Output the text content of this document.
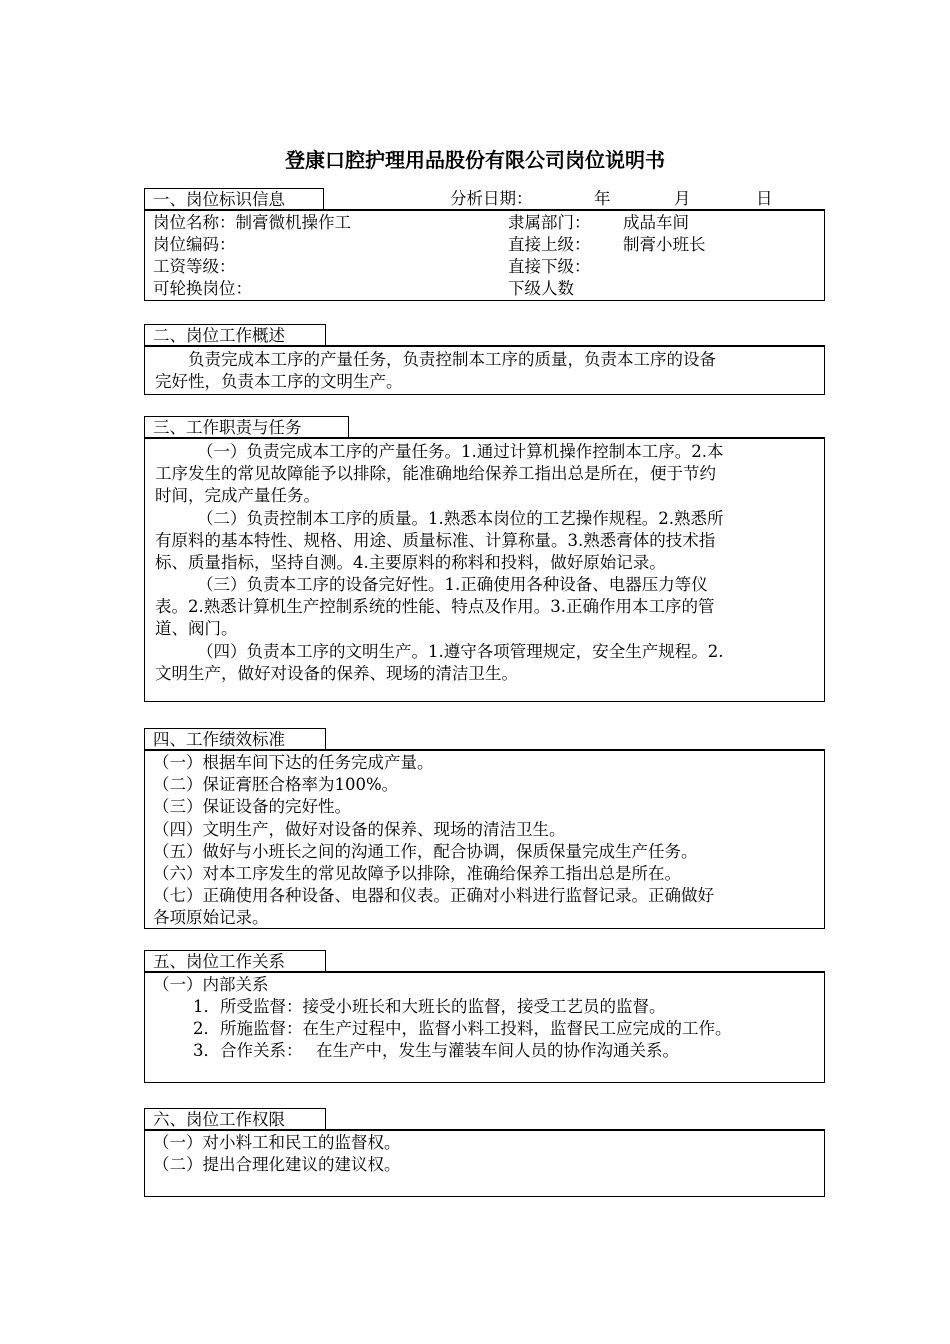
登康口腔护理用品股份有限公司岗位说明书
一、岗位标识信息	分析日期：	年	月	日
岗位名称：制膏微机操作工	隶属部门： 成品车间
岗位编码：	直接上级： 制膏小班长
工资等级：	直接下级：
可轮换岗位：	下级人数
二、岗位工作概述
负责完成本工序的产量任务，负责控制本工序的质量，负责本工序的设备
完好性，负责本工序的文明生产。
三、工作职责与任务
（一）负责完成本工序的产量任务。1.通过计算机操作控制本工序。2.本
工序发生的常见故障能予以排除，能准确地给保养工指出总是所在，便于节约
时间，完成产量任务。
（二）负责控制本工序的质量。1.熟悉本岗位的工艺操作规程。2.熟悉所
有原料的基本特性、规格、用途、质量标准、计算称量。3.熟悉膏体的技术指
标、质量指标，坚持自测。4.主要原料的称料和投料，做好原始记录。
（三）负责本工序的设备完好性。1.正确使用各种设备、电器压力等仪
表。2.熟悉计算机生产控制系统的性能、特点及作用。3.正确作用本工序的管
道、阀门。
（四）负责本工序的文明生产。1.遵守各项管理规定，安全生产规程。2.
文明生产，做好对设备的保养、现场的清洁卫生。
四、工作绩效标准
（一）根据车间下达的任务完成产量。
（二）保证膏胚合格率为100%。
（三）保证设备的完好性。
（四）文明生产，做好对设备的保养、现场的清洁卫生。
（五）做好与小班长之间的沟通工作，配合协调，保质保量完成生产任务。
（六）对本工序发生的常见故障予以排除，准确给保养工指出总是所在。
（七）正确使用各种设备、电器和仪表。正确对小料进行监督记录。正确做好
各项原始记录。
五、岗位工作关系
（一）内部关系
1．所受监督：接受小班长和大班长的监督，接受工艺员的监督。
2．所施监督：在生产过程中，监督小料工投料，监督民工应完成的工作。
3．合作关系：　 在生产中，发生与灌装车间人员的协作沟通关系。
六、岗位工作权限
（一）对小料工和民工的监督权。
（二）提出合理化建议的建议权。
